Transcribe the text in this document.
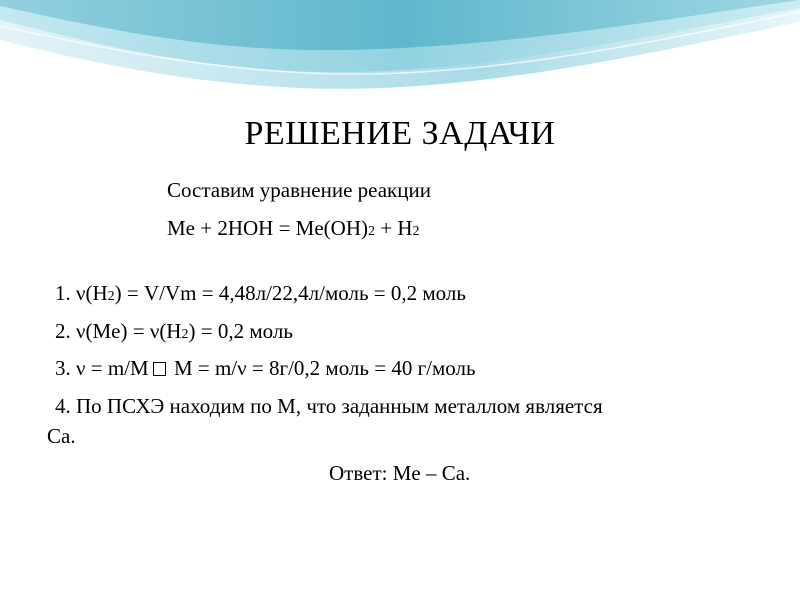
РЕШЕНИЕ ЗАДАЧИ
Составим уравнение реакции
Me + 2HOH = Me(OH)2 + H2
1. ν(H2) = V/Vm = 4,48л/22,4л/моль = 0,2 моль
2. ν(Me) = ν(H2) = 0,2 моль
3. ν = m/M M = m/ν = 8г/0,2 моль = 40 г/моль
4. По ПСХЭ находим по M, что заданным металлом является
Ca.
Ответ: Me – Ca.
